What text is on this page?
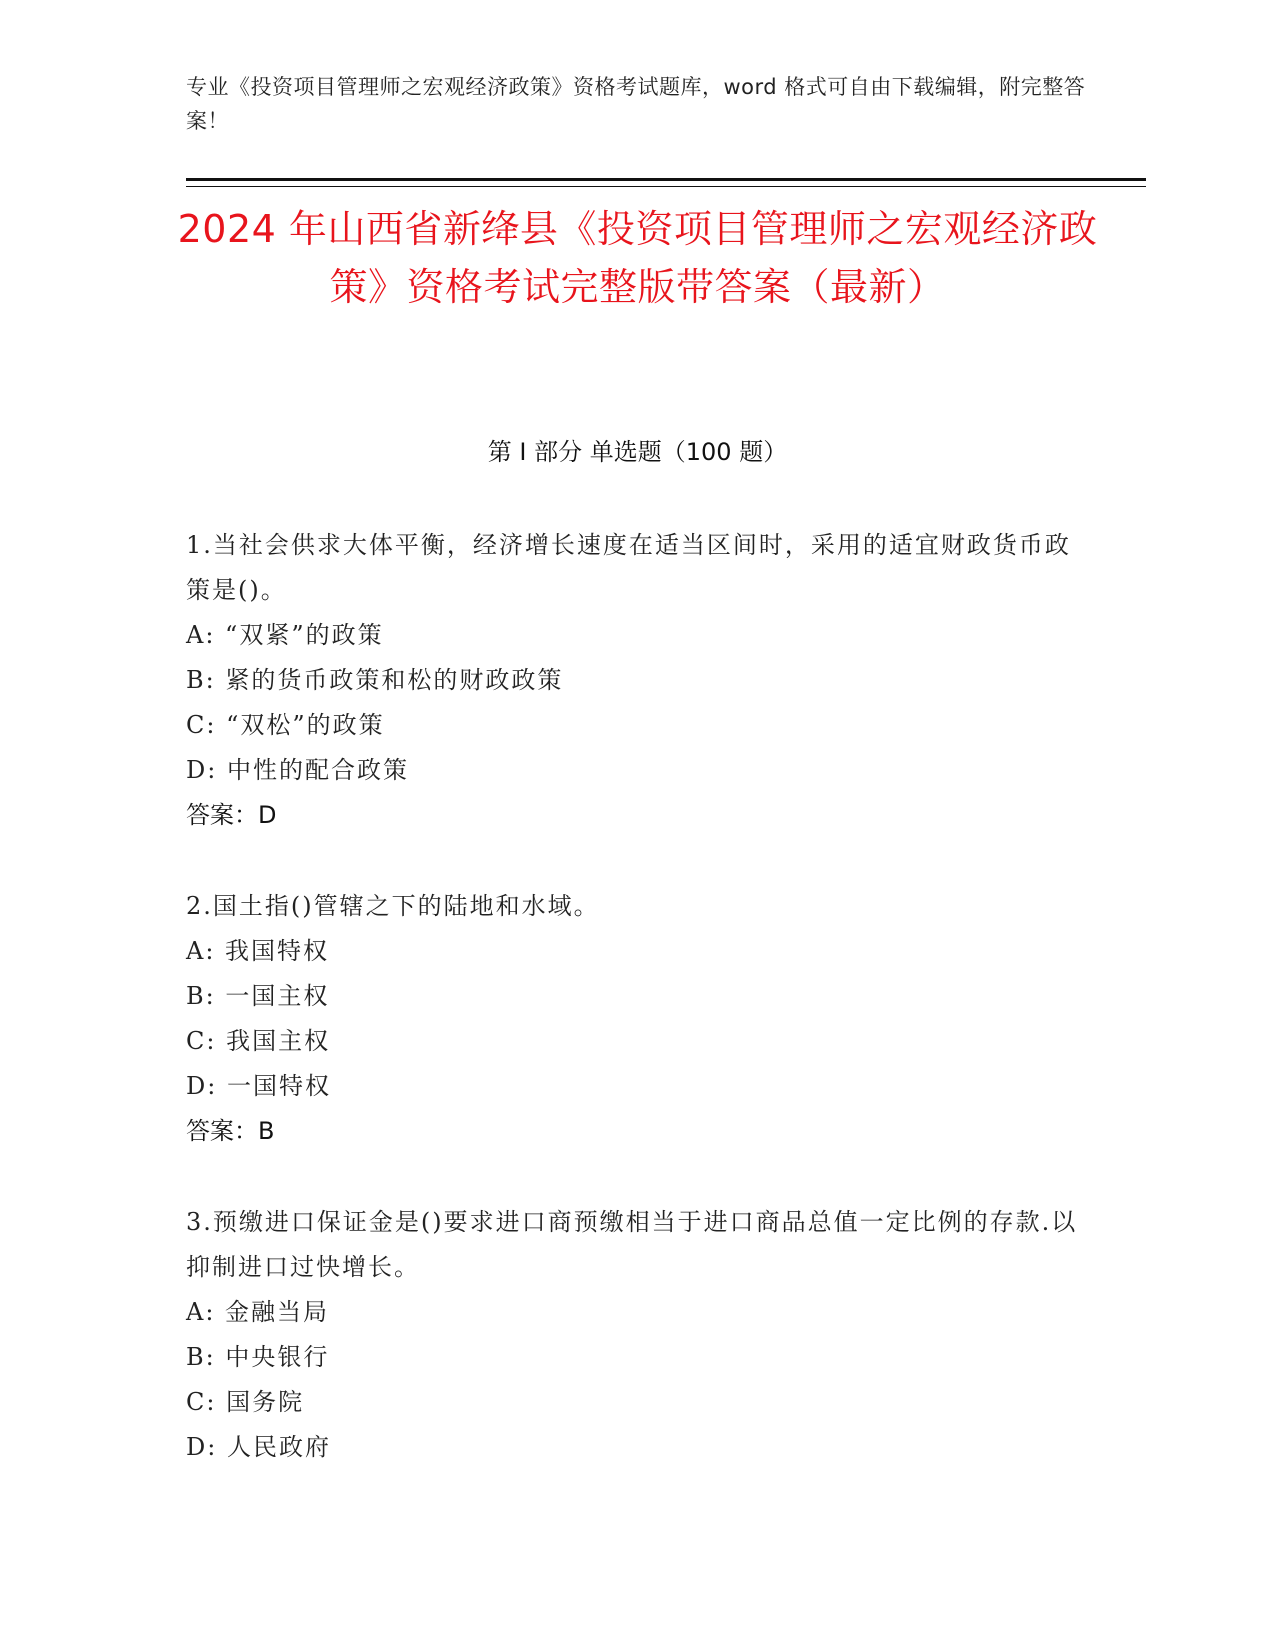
专业《投资项目管理师之宏观经济政策》资格考试题库，word 格式可自由下载编辑，附完整答案！
2024 年山西省新绛县《投资项目管理师之宏观经济政策》资格考试完整版带答案（最新）
第 I 部分 单选题（100 题）
1.当社会供求大体平衡，经济增长速度在适当区间时，采用的适宜财政货币政策是()。
A: “双紧”的政策
B: 紧的货币政策和松的财政政策
C: “双松”的政策
D: 中性的配合政策
答案：D
2.国土指()管辖之下的陆地和水域。
A: 我国特权
B: 一国主权
C: 我国主权
D: 一国特权
答案：B
3.预缴进口保证金是()要求进口商预缴相当于进口商品总值一定比例的存款.以抑制进口过快增长。
A: 金融当局
B: 中央银行
C: 国务院
D: 人民政府
